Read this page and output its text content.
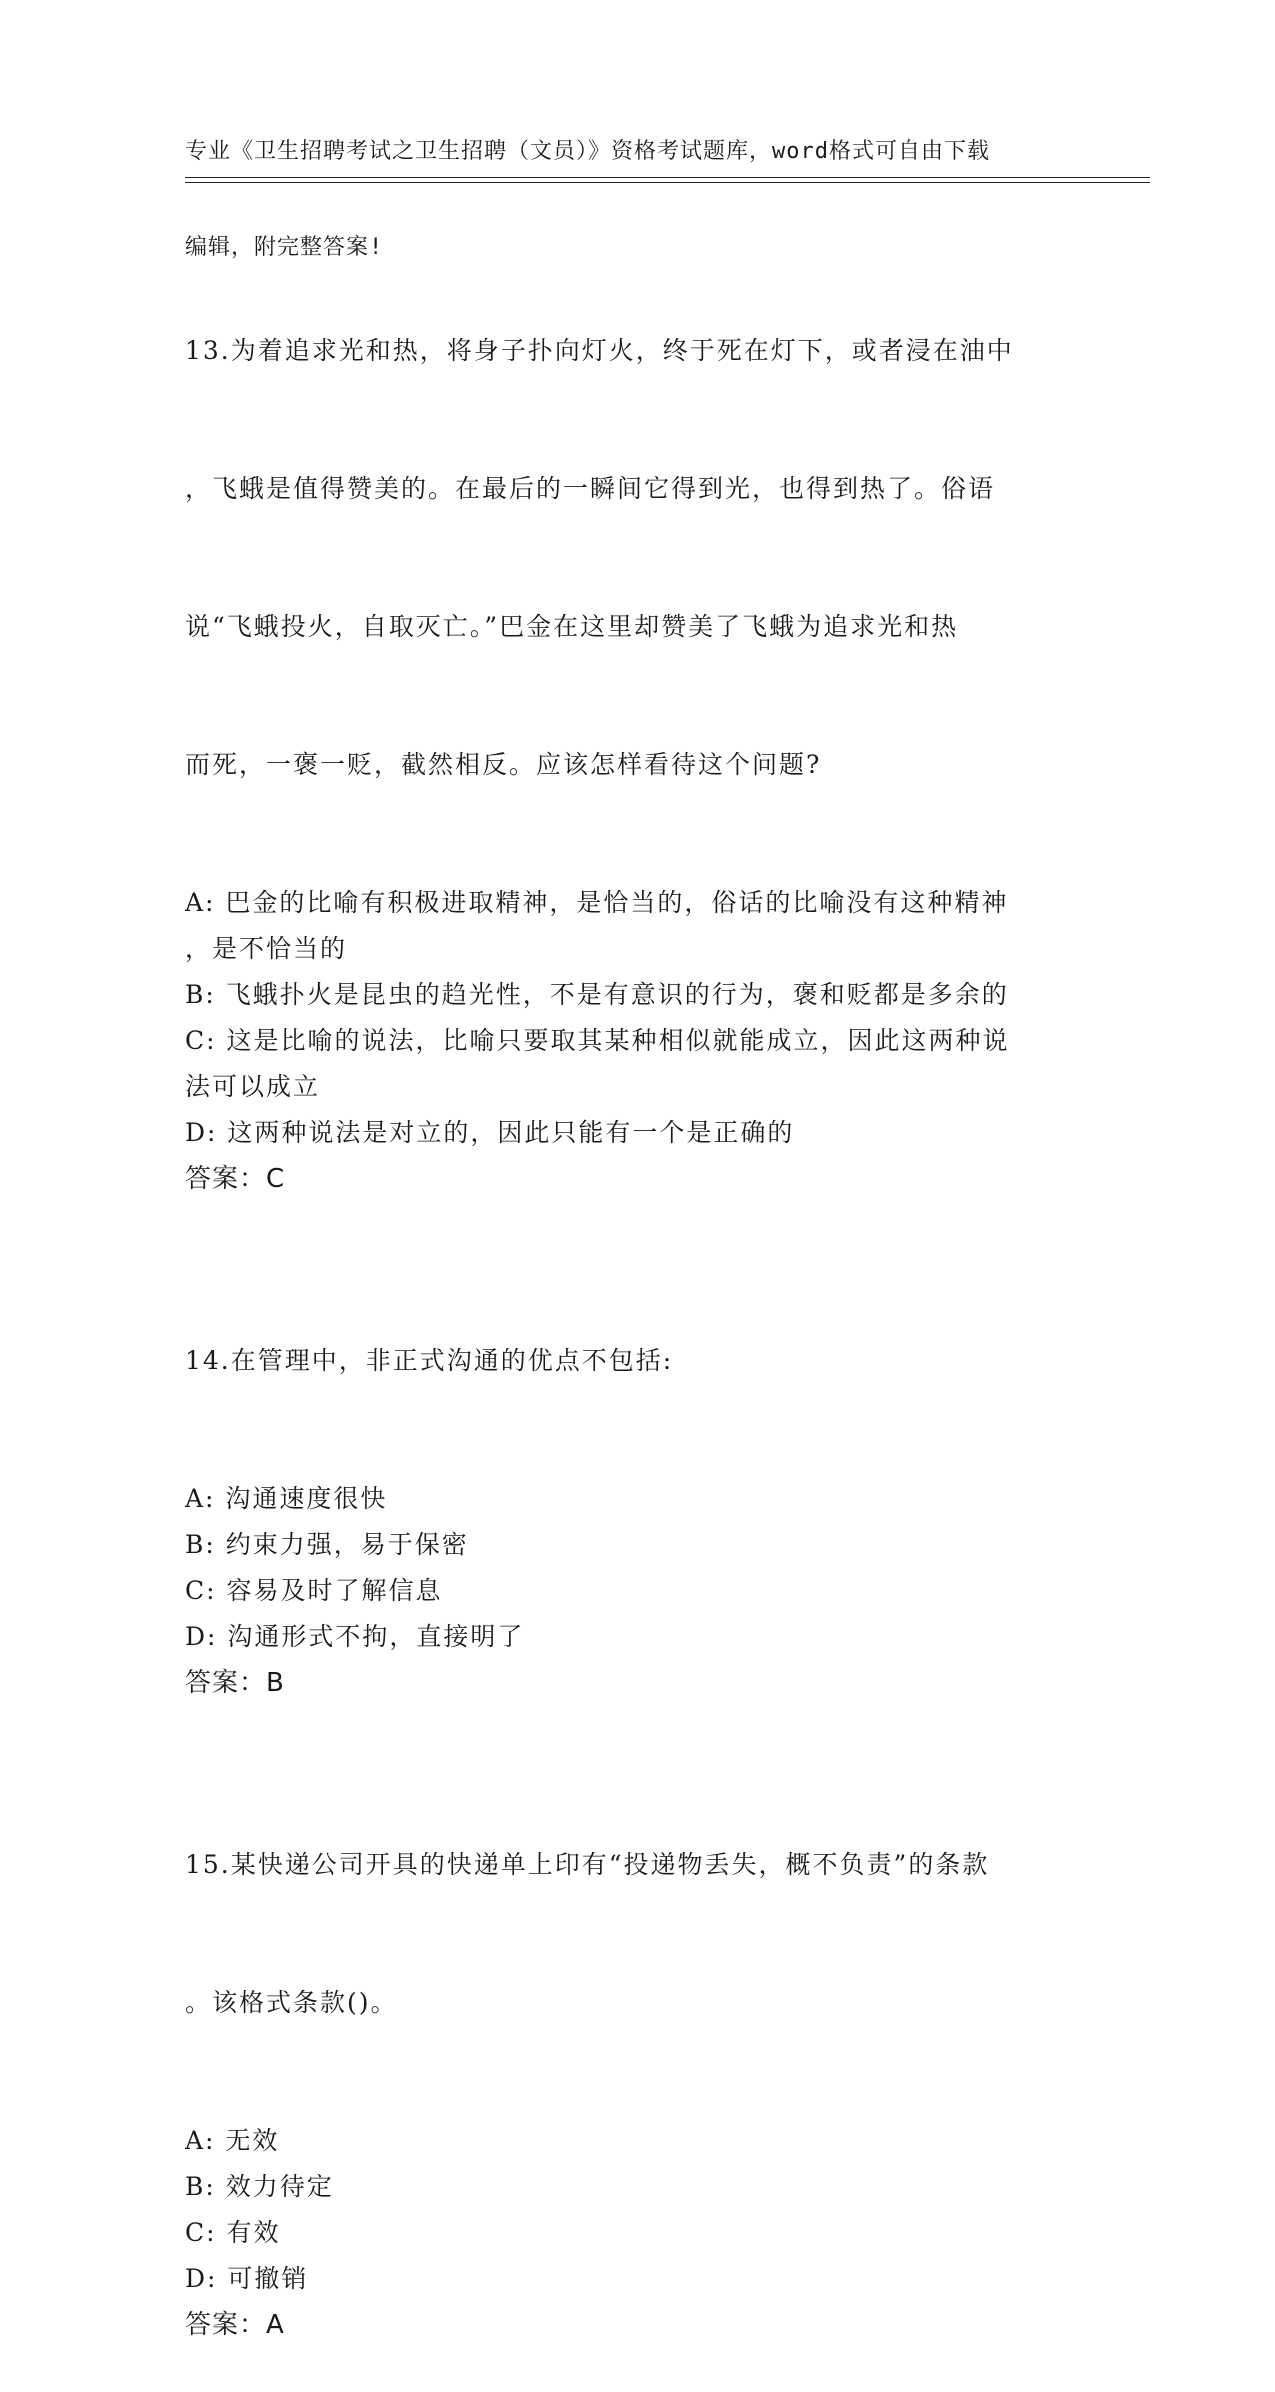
专业《卫生招聘考试之卫生招聘（文员）》资格考试题库，word格式可自由下载

编辑，附完整答案!

13.为着追求光和热，将身子扑向灯火，终于死在灯下，或者浸在油中

，飞蛾是值得赞美的。在最后的一瞬间它得到光，也得到热了。俗语

说“飞蛾投火，自取灭亡。”巴金在这里却赞美了飞蛾为追求光和热

而死，一褒一贬，截然相反。应该怎样看待这个问题?

A: 巴金的比喻有积极进取精神，是恰当的，俗话的比喻没有这种精神
，是不恰当的
B: 飞蛾扑火是昆虫的趋光性，不是有意识的行为，褒和贬都是多余的
C: 这是比喻的说法，比喻只要取其某种相似就能成立，因此这两种说
法可以成立
D: 这两种说法是对立的，因此只能有一个是正确的
答案：C

14.在管理中，非正式沟通的优点不包括:

A: 沟通速度很快
B: 约束力强，易于保密
C: 容易及时了解信息
D: 沟通形式不拘，直接明了
答案：B

15.某快递公司开具的快递单上印有“投递物丢失，概不负责”的条款

。该格式条款()。

A: 无效
B: 效力待定
C: 有效
D: 可撤销
答案：A
